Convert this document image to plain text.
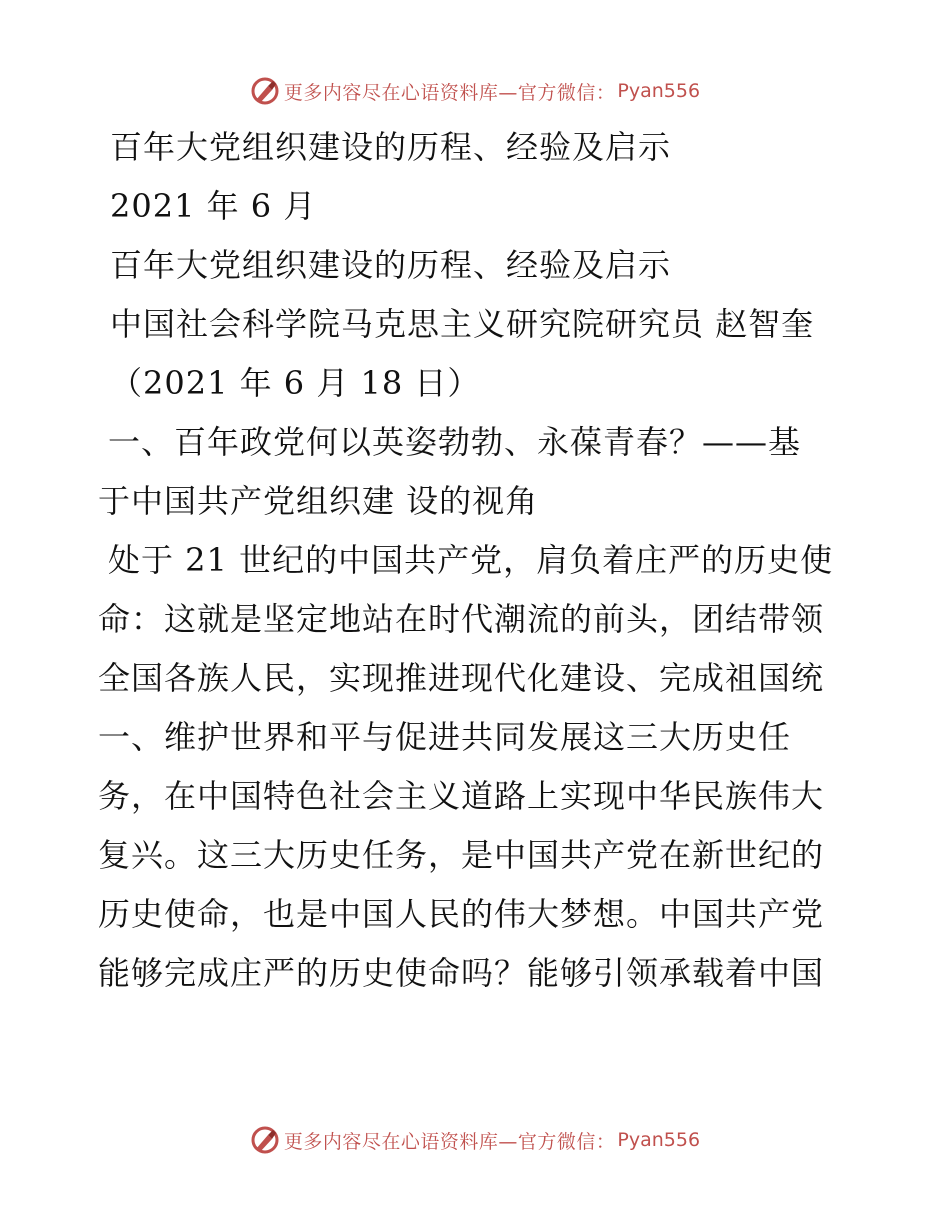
更多内容尽在心语资料库—官方微信： Pyan556
百年大党组织建设的历程、经验及启示
2021 年 6 月
百年大党组织建设的历程、经验及启示
中国社会科学院马克思主义研究院研究员 赵智奎
（2021 年 6 月 18 日）
一、百年政党何以英姿勃勃、永葆青春？——基
于中国共产党组织建 设的视角
处于 21 世纪的中国共产党，肩负着庄严的历史使
命：这就是坚定地站在时代潮流的前头，团结带领
全国各族人民，实现推进现代化建设、完成祖国统
一、维护世界和平与促进共同发展这三大历史任
务，在中国特色社会主义道路上实现中华民族伟大
复兴。这三大历史任务，是中国共产党在新世纪的
历史使命，也是中国人民的伟大梦想。中国共产党
能够完成庄严的历史使命吗？能够引领承载着中国
更多内容尽在心语资料库—官方微信： Pyan556
